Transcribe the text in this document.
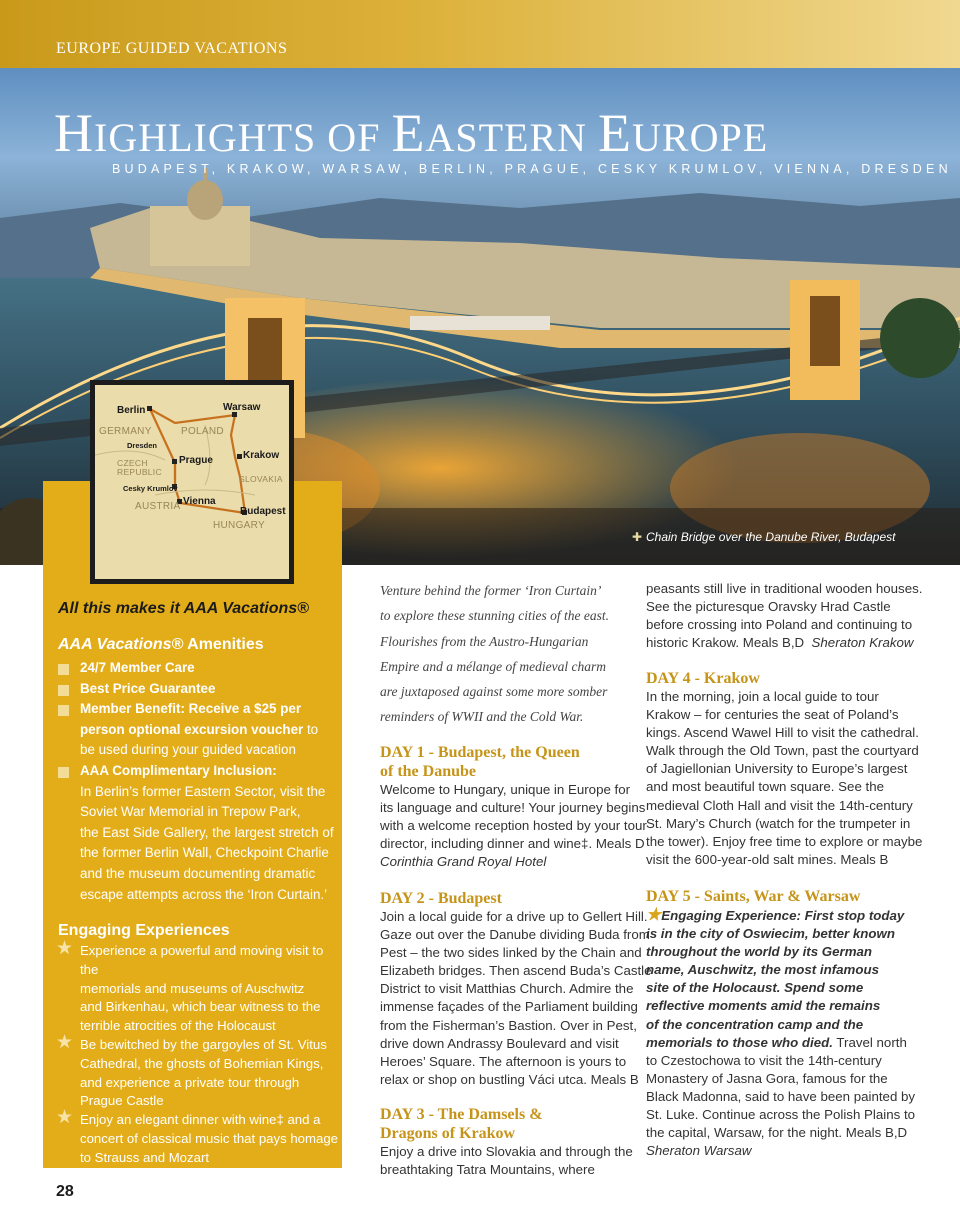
EUROPE GUIDED VACATIONS
HIGHLIGHTS OF EASTERN EUROPE
BUDAPEST, KRAKOW, WARSAW, BERLIN, PRAGUE, CESKY KRUMLOV, VIENNA, DRESDEN
✚ Chain Bridge over the Danube River, Budapest
Berlin	Warsaw
GERMANY	POLAND
Dresden
Prague	Krakow
CZECH
REPUBLIC
SLOVAKIA
Cesky Krumlov
Vienna
AUSTRIA	Budapest
HUNGARY
All this makes it AAA Vacations®
AAA Vacations® Amenities
24/7 Member Care
Best Price Guarantee
Member Benefit: Receive a $25 per
person optional excursion voucher to
be used during your guided vacation
AAA Complimentary Inclusion:
In Berlin’s former Eastern Sector, visit the
Soviet War Memorial in Trepow Park,
the East Side Gallery, the largest stretch of
the former Berlin Wall, Checkpoint Charlie
and the museum documenting dramatic
escape attempts across the ‘Iron Curtain.’
Engaging Experiences
★ Experience a powerful and moving visit to the
memorials and museums of Auschwitz
and Birkenhau, which bear witness to the
terrible atrocities of the Holocaust
★ Be bewitched by the gargoyles of St. Vitus
Cathedral, the ghosts of Bohemian Kings,
and experience a private tour through
Prague Castle
★ Enjoy an elegant dinner with wine‡ and a
concert of classical music that pays homage
to Strauss and Mozart
28
Venture behind the former ‘Iron Curtain’
to explore these stunning cities of the east.
Flourishes from the Austro-Hungarian
Empire and a mélange of medieval charm
are juxtaposed against some more somber
reminders of WWII and the Cold War.
DAY 1 - Budapest, the Queen
of the Danube
Welcome to Hungary, unique in Europe for
its language and culture! Your journey begins
with a welcome reception hosted by your tour
director, including dinner and wine‡. Meals D
Corinthia Grand Royal Hotel
DAY 2 - Budapest
Join a local guide for a drive up to Gellert Hill.
Gaze out over the Danube dividing Buda from
Pest – the two sides linked by the Chain and
Elizabeth bridges. Then ascend Buda’s Castle
District to visit Matthias Church. Admire the
immense façades of the Parliament building
from the Fisherman’s Bastion. Over in Pest,
drive down Andrassy Boulevard and visit
Heroes’ Square. The afternoon is yours to
relax or shop on bustling Váci utca. Meals B
DAY 3 - The Damsels &
Dragons of Krakow
Enjoy a drive into Slovakia and through the
breathtaking Tatra Mountains, where
peasants still live in traditional wooden houses.
See the picturesque Oravsky Hrad Castle
before crossing into Poland and continuing to
historic Krakow. Meals B,D Sheraton Krakow
DAY 4 - Krakow
In the morning, join a local guide to tour
Krakow – for centuries the seat of Poland’s
kings. Ascend Wawel Hill to visit the cathedral.
Walk through the Old Town, past the courtyard
of Jagiellonian University to Europe’s largest
and most beautiful town square. See the
medieval Cloth Hall and visit the 14th-century
St. Mary’s Church (watch for the trumpeter in
the tower). Enjoy free time to explore or maybe
visit the 600-year-old salt mines. Meals B
DAY 5 - Saints, War & Warsaw
★Engaging Experience: First stop today
is in the city of Oswiecim, better known
throughout the world by its German
name, Auschwitz, the most infamous
site of the Holocaust. Spend some
reflective moments amid the remains
of the concentration camp and the
memorials to those who died. Travel north
to Czestochowa to visit the 14th-century
Monastery of Jasna Gora, famous for the
Black Madonna, said to have been painted by
St. Luke. Continue across the Polish Plains to
the capital, Warsaw, for the night. Meals B,D
Sheraton Warsaw
